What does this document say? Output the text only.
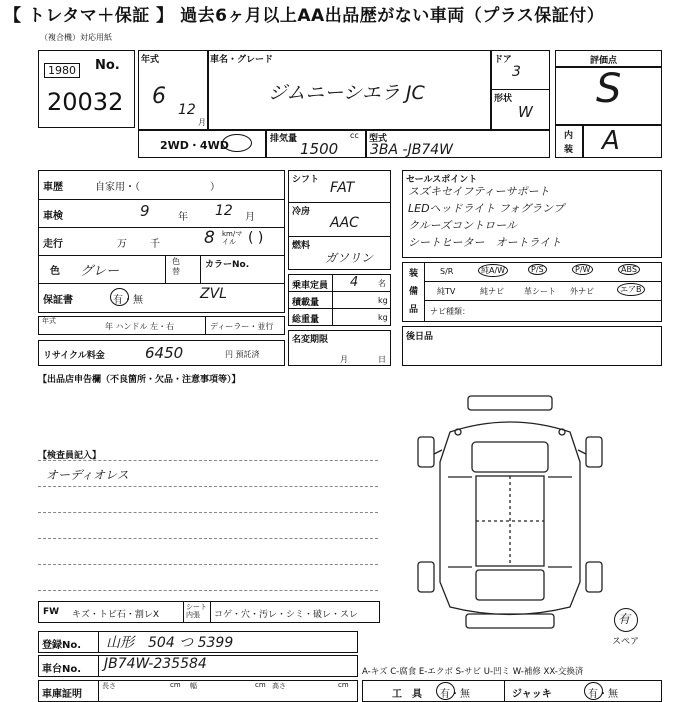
【 トレタマ＋保証 】 過去6ヶ月以上AA出品歴がない車両（プラス保証付）
（複合機）対応用紙
1980	No.
20032
年式
6
12
月
車名・グレード
ジムニーシエラ JC
ドア
3
形状
W
2WD・4WD	排気量	cc
1500
型式
3BA -JB74W
評価点
S
内
装 A
車歴	自家用・（　　　　　　　）
車検	9	年 12 月
走行	万 千	8 km/マイル ( )
色 グレー
色替
カラーNo.
保証書	有・無	ZVL
年式
年 ハンドル 左・右	ディーラー・並行
リサイクル料金	6450	円 預託済
シフト FAT
冷房
AAC
燃料
ガソリン
乗車定員 4 名
積載量	kg
総重量	kg
名変期限
月	日
セールスポイント
スズキセイフティーサポート
LEDヘッドライト フォグランプ
クルーズコントロール
シートヒーター　オートライト
装
備
品
S/R	純A/W	P/S	P/W	ABS
純TV	純ナビ	革シート 外ナビ	エアB
ナビ種類：
後日品
【出品店申告欄（不良箇所・欠品・注意事項等）】
【検査員記入】
オーディオレス
FW キズ・トビ石・割レX
シート内張	コゲ・穴・汚レ・シミ・破レ・スレ
登録No. 山形　504 つ 5399
車台No. JB74W-235584
車庫証明
長さ	cm 幅	cm 高さ	cm
有
スペア
A-キズ C-腐食 E-エクボ S-サビ U-凹ミ W-補修 XX-交換済
工　具 有・無	ジャッキ	有・無
